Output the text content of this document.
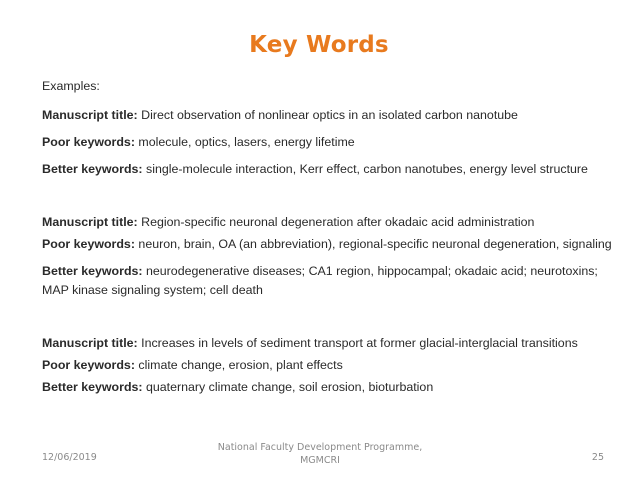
Key Words

Examples:

Manuscript title: Direct observation of nonlinear optics in an isolated carbon nanotube

Poor keywords: molecule, optics, lasers, energy lifetime

Better keywords: single-molecule interaction, Kerr effect, carbon nanotubes, energy level structure

Manuscript title: Region-specific neuronal degeneration after okadaic acid administration

Poor keywords: neuron, brain, OA (an abbreviation), regional-specific neuronal degeneration, signaling

Better keywords: neurodegenerative diseases; CA1 region, hippocampal; okadaic acid; neurotoxins; MAP kinase signaling system; cell death

Manuscript title: Increases in levels of sediment transport at former glacial-interglacial transitions

Poor keywords: climate change, erosion, plant effects

Better keywords: quaternary climate change, soil erosion, bioturbation

12/06/2019
National Faculty Development Programme,
MGMCRI	25
